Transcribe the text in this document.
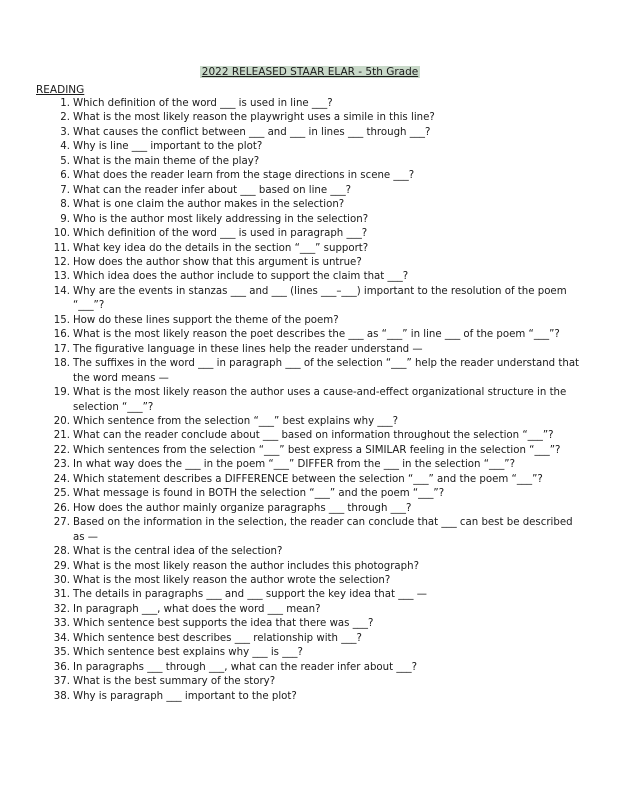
2022 RELEASED STAAR ELAR - 5th Grade
READING
1. Which definition of the word ___ is used in line ___?
2. What is the most likely reason the playwright uses a simile in this line?
3. What causes the conflict between ___ and ___ in lines ___ through ___?
4. Why is line ___ important to the plot?
5. What is the main theme of the play?
6. What does the reader learn from the stage directions in scene ___?
7. What can the reader infer about ___ based on line ___?
8. What is one claim the author makes in the selection?
9. Who is the author most likely addressing in the selection?
10. Which definition of the word ___ is used in paragraph ___?
11. What key idea do the details in the section “___” support?
12. How does the author show that this argument is untrue?
13. Which idea does the author include to support the claim that ___?
14. Why are the events in stanzas ___ and ___ (lines ___–___) important to the resolution of the poem “___”?
15. How do these lines support the theme of the poem?
16. What is the most likely reason the poet describes the ___ as “___” in line ___ of the poem “___”?
17. The figurative language in these lines help the reader understand —
18. The suffixes in the word ___ in paragraph ___ of the selection “___” help the reader understand that the word means —
19. What is the most likely reason the author uses a cause-and-effect organizational structure in the selection “___”?
20. Which sentence from the selection “___” best explains why ___?
21. What can the reader conclude about ___ based on information throughout the selection “___”?
22. Which sentences from the selection “___” best express a SIMILAR feeling in the selection “___”?
23. In what way does the ___ in the poem “___” DIFFER from the ___ in the selection “___”?
24. Which statement describes a DIFFERENCE between the selection “___” and the poem “___”?
25. What message is found in BOTH the selection “___” and the poem “___”?
26. How does the author mainly organize paragraphs ___ through ___?
27. Based on the information in the selection, the reader can conclude that ___ can best be described as —
28. What is the central idea of the selection?
29. What is the most likely reason the author includes this photograph?
30. What is the most likely reason the author wrote the selection?
31. The details in paragraphs ___ and ___ support the key idea that ___ —
32. In paragraph ___, what does the word ___ mean?
33. Which sentence best supports the idea that there was ___?
34. Which sentence best describes ___ relationship with ___?
35. Which sentence best explains why ___ is ___?
36. In paragraphs ___ through ___, what can the reader infer about ___?
37. What is the best summary of the story?
38. Why is paragraph ___ important to the plot?
